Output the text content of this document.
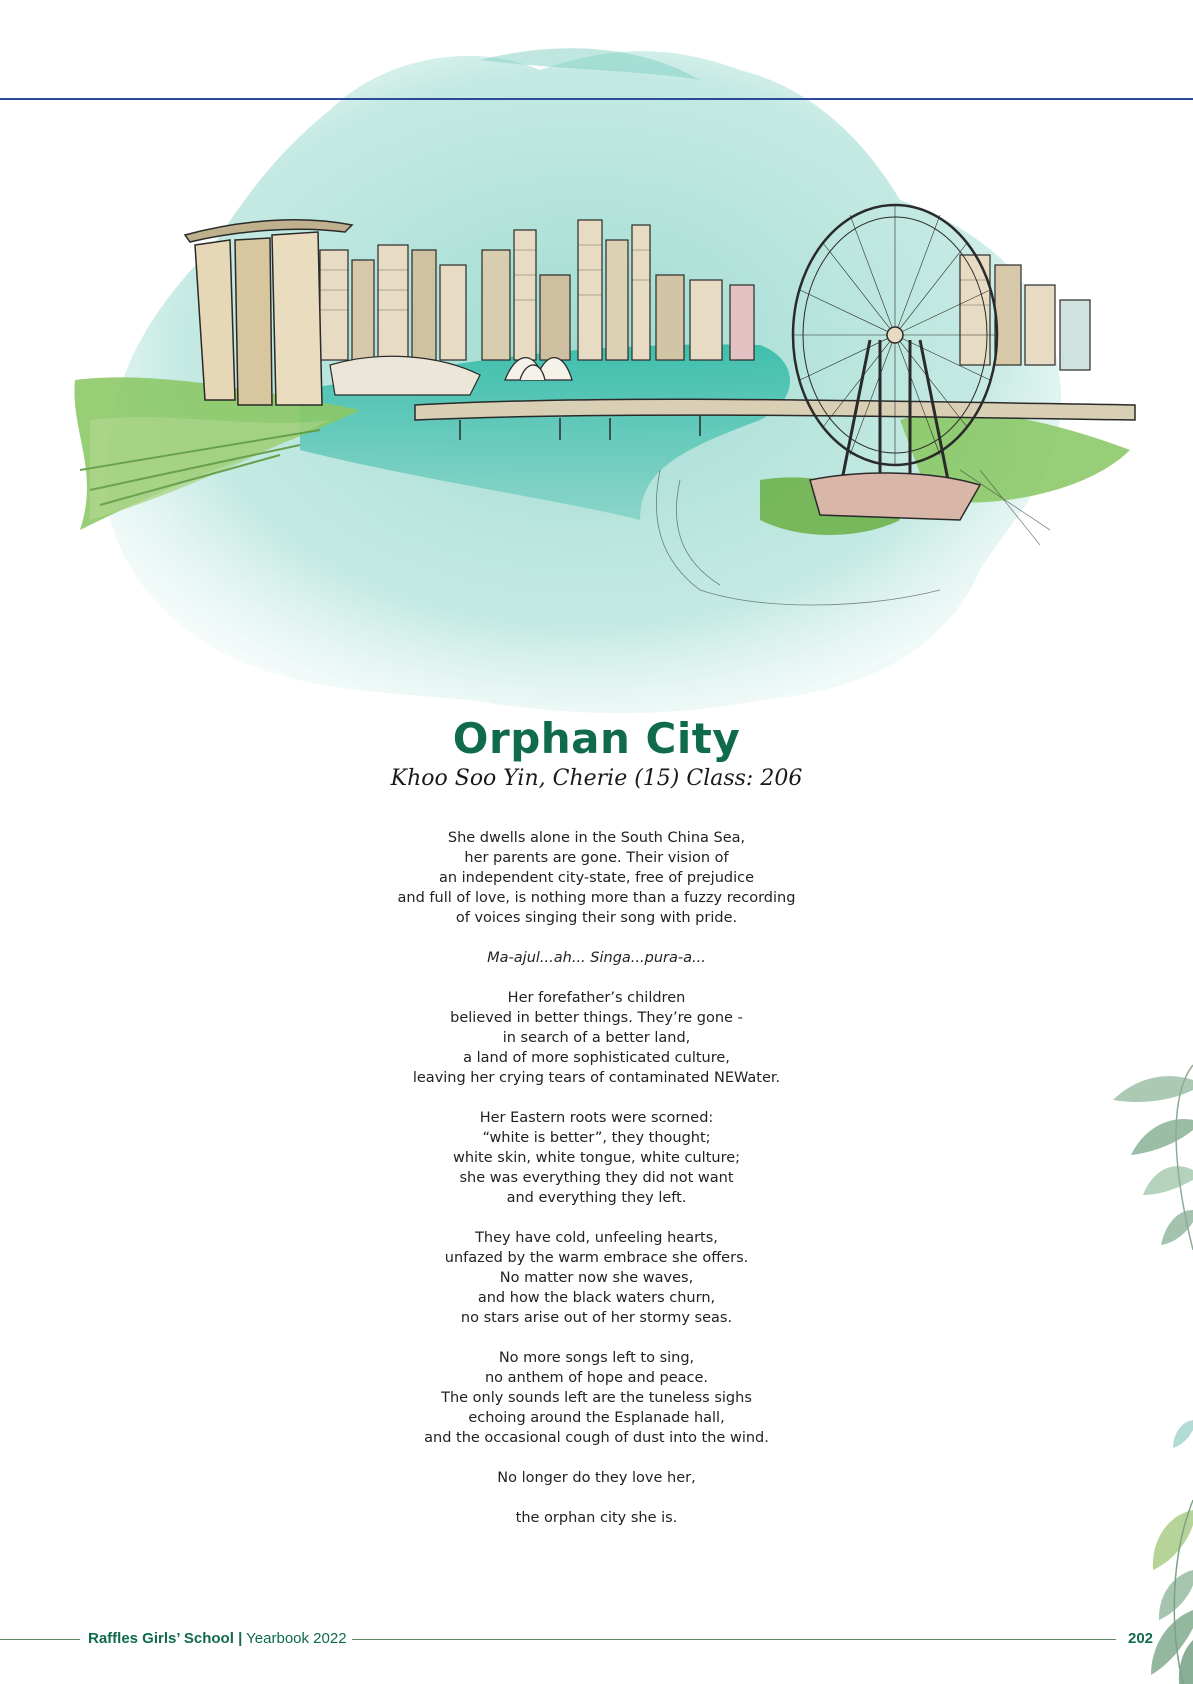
Orphan City
Khoo Soo Yin, Cherie (15) Class: 206
She dwells alone in the South China Sea,
her parents are gone. Their vision of
an independent city-state, free of prejudice
and full of love, is nothing more than a fuzzy recording
of voices singing their song with pride.
Ma-ajul...ah... Singa...pura-a...
Her forefather’s children
believed in better things. They’re gone -
in search of a better land,
a land of more sophisticated culture,
leaving her crying tears of contaminated NEWater.
Her Eastern roots were scorned:
“white is better”, they thought;
white skin, white tongue, white culture;
she was everything they did not want
and everything they left.
They have cold, unfeeling hearts,
unfazed by the warm embrace she offers.
No matter now she waves,
and how the black waters churn,
no stars arise out of her stormy seas.
No more songs left to sing,
no anthem of hope and peace.
The only sounds left are the tuneless sighs
echoing around the Esplanade hall,
and the occasional cough of dust into the wind.
No longer do they love her,
the orphan city she is.
Raffles Girls’ School | Yearbook 2022	202
